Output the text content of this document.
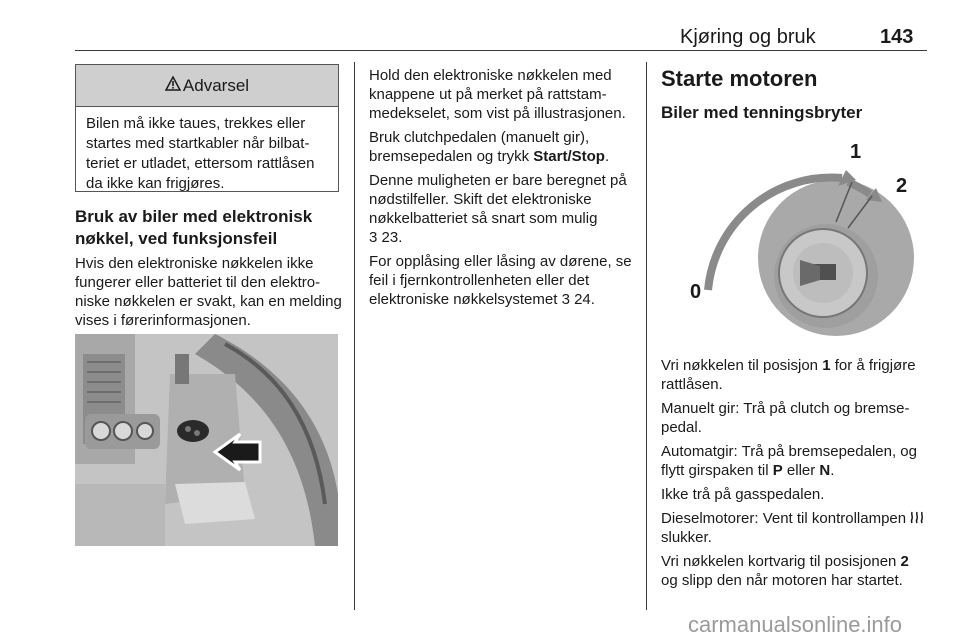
Kjøring og bruk	143
Advarsel
Bilen må ikke taues, trekkes eller startes med startkabler når bilbatteriet er utladet, ettersom rattlåsen da ikke kan frigjøres.
Bruk av biler med elektronisk nøkkel, ved funksjonsfeil
Hvis den elektroniske nøkkelen ikke fungerer eller batteriet til den elektroniske nøkkelen er svakt, kan en melding vises i førerinformasjonen.

Hold den elektroniske nøkkelen med knappene ut på merket på rattstammedekselet, som vist på illustrasjonen.

Bruk clutchpedalen (manuelt gir), bremsepedalen og trykk Start/Stop.

Denne muligheten er bare beregnet på nødstilfeller. Skift det elektroniske nøkkelbatteriet så snart som mulig
3 23.

For opplåsing eller låsing av dørene, se feil i fjernkontrollenheten eller det elektroniske nøkkelsystemet 3 24.

Starte motoren
Biler med tenningsbryter
0
1
2

Vri nøkkelen til posisjon 1 for å frigjøre rattlåsen.

Manuelt gir: Trå på clutch og bremsepedal.

Automatgir: Trå på bremsepedalen, og flytt girspaken til P eller N.

Ikke trå på gasspedalen.

Dieselmotorer: Vent til kontrollampen  slukker.

Vri nøkkelen kortvarig til posisjonen 2 og slipp den når motoren har startet.

carmanualsonline.info
